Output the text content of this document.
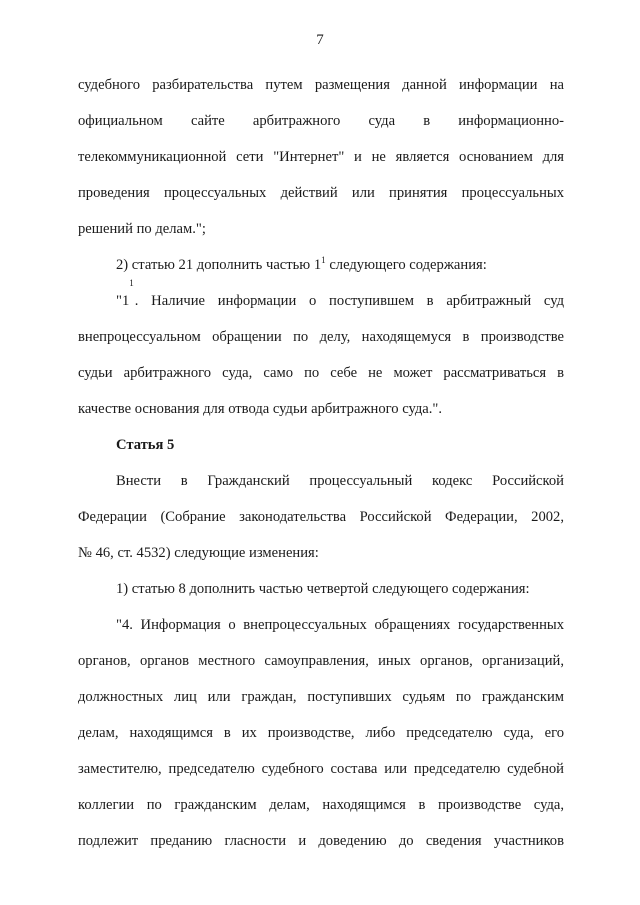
7
судебного разбирательства путем размещения данной информации на
официальном сайте арбитражного суда в информационно-
телекоммуникационной сети "Интернет" и не является основанием для
проведения процессуальных действий или принятия процессуальных
решений по делам.";
2) статью 21 дополнить частью $1^1$ следующего содержания:
"1
1
. Наличие информации о поступившем в арбитражный суд
внепроцессуальном обращении по делу, находящемуся в производстве
судьи арбитражного суда, само по себе не может рассматриваться в
качестве основания для отвода судьи арбитражного суда.".
Статья 5
Внести в Гражданский процессуальный кодекс Российской
Федерации (Собрание законодательства Российской Федерации, 2002,
№ 46, ст. 4532) следующие изменения:
1) статью 8 дополнить частью четвертой следующего содержания:
"4. Информация о внепроцессуальных обращениях государственных
органов, органов местного самоуправления, иных органов, организаций,
должностных лиц или граждан, поступивших судьям по гражданским
делам, находящимся в их производстве, либо председателю суда, его
заместителю, председателю судебного состава или председателю судебной
коллегии по гражданским делам, находящимся в производстве суда,
подлежит преданию гласности и доведению до сведения участников
